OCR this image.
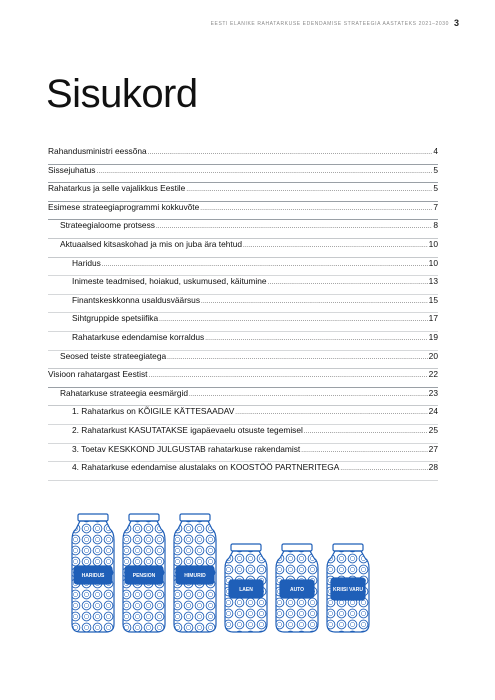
EESTI ELANIKE RAHATARKUSE EDENDAMISE STRATEEGIA AASTATEKS 2021–2030 3
Sisukord
Rahandusministri eessõna .....	4
Sissejuhatus .....	5
Rahatarkus ja selle vajalikkus Eestile .....	5
Esimese strateegiaprogrammi kokkuvõte .....	7
Strateegialoome protsess .....	8
Aktuaalsed kitsaskohad ja mis on juba ära tehtud .....	10
Haridus .....	10
Inimeste teadmised, hoiakud, uskumused, käitumine .....	13
Finantskeskkonna usaldusväärsus .....	15
Sihtgruppide spetsiifika .....	17
Rahatarkuse edendamise korraldus .....	19
Seosed teiste strateegiatega .....	20
Visioon rahatargast Eestist .....	22
Rahatarkuse strateegia eesmärgid .....	23
1. Rahatarkus on KÕIGILE KÄTTESAADAV .....	24
2. Rahatarkust KASUTATAKSE igapäevaelu otsuste tegemisel .....	25
3. Toetav KESKKOND JULGUSTAB rahatarkuse rakendamist .....	27
4. Rahatarkuse edendamise alustalaks on KOOSTÖÖ PARTNERITEGA .....	28
HARIDUS	PENSION	HIMURID
LAEN	AUTO	KRIISI VARU
